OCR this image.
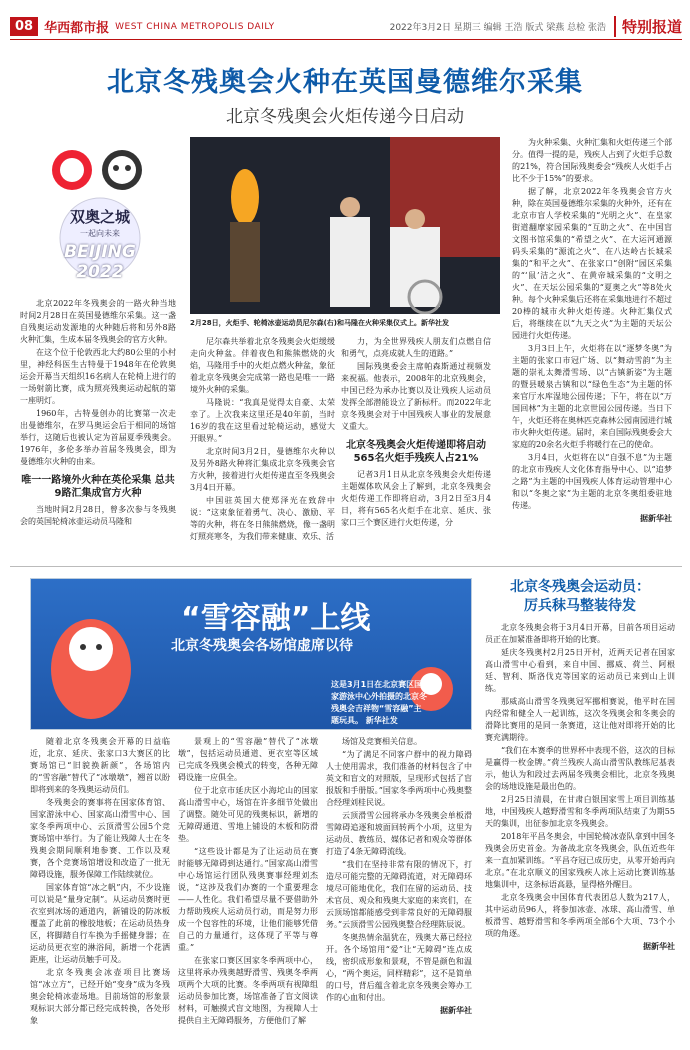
08 华西都市报 WEST CHINA METROPOLIS DAILY	2022年3月2日 星期三 编辑 王浩 版式 梁燕 总检 张浩	特别报道
北京冬残奥会火种在英国曼德维尔采集
北京冬残奥会火炬传递今日启动
双奥之城
一起向未来
BEIJING 2022
2月28日，火炬手、轮椅冰壶运动员尼尔森(右)和马隆在火种采集仪式上。新华社发

北京2022年冬残奥会的一路火种当地时间2月28日在英国曼德维尔采集。这一盏自残奥运动发源地的火种随后将和另外8路火种汇集，生成本届冬残奥会的官方火种。

在这个位于伦敦西北大约80公里的小村里，神经科医生古特曼于1948年在伦敦奥运会开幕当天组织16名病人在轮椅上进行的一场射箭比赛，成为照亮残奥运动起航的第一座明灯。

1960年，古特曼创办的比赛第一次走出曼德维尔，在罗马奥运会后于相同的场馆举行，这随后也被认定为首届夏季残奥会。1976年，多伦多举办首届冬残奥会，即为曼德维尔火种的由来。

唯一一路境外火种在英伦采集 总共9路汇集成官方火种

当地时间2月28日，曾多次参与冬残奥会的英国轮椅冰壶运动员马隆和

尼尔森共举着北京冬残奥会火炬缓缓走向火种盆。伴着夜色和熊熊燃烧的火焰，马隆用手中的火炬点燃火种盆，象征着北京冬残奥会完成第一路也是唯一一路境外火种的采集。

马隆说：“我真是觉得太自豪、太荣幸了。上次我来这里还是40年前，当时16岁的我在这里看过轮椅运动，感觉大开眼界。”

北京时间3月2日，曼德维尔火种以及另外8路火种将汇集成北京冬残奥会官方火种，接着进行火炬传递直至冬残奥会3月4日开幕。

中国驻英国大使郑泽光在致辞中说：“这束象征着勇气、决心、激励、平等的火种，将在冬日熊熊燃烧，像一盏明灯照亮寒冬，为我们带来健康、欢乐、活

力，为全世界残疾人朋友们点燃自信和勇气，点亮成就人生的道路。”

国际残奥委会主席帕森斯通过视频发来祝福。他表示，2008年的北京残奥会，中国已经为承办比赛以及让残疾人运动员发挥全部潜能设立了新标杆。而2022年北京冬残奥会对于中国残疾人事业的发展意义重大。

北京冬残奥会火炬传递即将启动 565名火炬手残疾人占21%

记者3月1日从北京冬残奥会火炬传递主题媒体吹风会上了解到，北京冬残奥会火炬传递工作即将启动，3月2日至3月4日，将有565名火炬手在北京、延庆、张家口三个赛区进行火炬传递，分

为火种采集、火种汇集和火炬传递三个部分。值得一提的是，残疾人占到了火炬手总数的21%，符合国际残奥委会“残疾人火炬手占比不少于15%”的要求。

据了解，北京2022年冬残奥会官方火种，除在英国曼德维尔采集的火种外，还有在北京市盲人学校采集的“光明之火”、在皇家街道翻摩家园采集的“互助之火”、在中国盲文图书馆采集的“希望之火”、在大运河通源码头采集的“源流之火”、在八达岭古长城采集的“和平之火”、在张家口“创附”园区采集的“‘鼠’洁之火”、在黄帝城采集的“文明之火”、在天坛公园采集的“夏奥之火”等8处火种。每个火种采集后还将在采集地进行不超过20棒的城市火种火炬传递。火种汇集仪式后，将继续在以“九天之火”为主题的天坛公园进行火炬传递。

3月3日上午，火炬将在以“逐梦冬奥”为主题的张家口市冠广场、以“舞动雪韵”为主题的崇礼太舞滑雪场、以“古镇新姿”为主题的暨县暖泉古镇和以“绿色生态”为主题的怀来官厅水库湿地公园传递；下午，将在以“万国回林”为主题的北京世园公园传递。当日下午，火炬还将在奥林匹克森林公园南园进行城市火种火炬传递。届时，来自国际残奥委会大家庭的20余名火炬手将暖行在己的使命。

3月4日，火炬将在以“自强不息”为主题的北京市残疾人文化体育指导中心、以“追梦之路”为主题的中国残疾人体育运动管理中心和以“冬奥之家”为主题的北京冬奥组委驻地传递。

据新华社
“雪容融”上线
北京冬残奥会各场馆虚席以待
这是3月1日在北京赛区国家游泳中心外拍摄的北京冬残奥会吉祥物“雪容融”主题玩具。 新华社发

随着北京冬残奥会开幕的日益临近，北京、延庆、张家口3大赛区的比赛场馆已“旧貌换新颜”，各场馆内的“雪容融”替代了“冰墩墩”，翘首以盼即将到来的冬残奥运动员们。

冬残奥会的赛事将在国家体育馆、国家游泳中心、国家高山滑雪中心、国家冬季两项中心、云顶滑雪公园5个竞赛场馆中举行。为了能让残障人士在冬残奥会期间顺利地参赛、工作以及观赛，各个竞赛场馆增设和改造了一批无障碍设施，服务保障工作陆续就位。

国家体育馆“冰之帆”内，不少设施可以说是“量身定制”。从运动员赛时更衣室到冰场的通道内，新铺设的防冰板覆盖了此前的橡胶地板；在运动员热身区，将脚踏自行车换为手摇健身器；在运动员更衣室的淋浴间，新增一个花洒距座，让运动员触手可及。

北京冬残奥会冰壶项目比赛场馆“冰立方”，已经开始“变身”成为冬残奥会轮椅冰壶场地。目前场馆的形象景观标识大部分都已经完成转换，各处形象

景观上的“雪容融”替代了“冰墩墩”，包括运动员通道、更衣室等区域已完成冬残奥会模式的转变，各种无障碍设施一应俱全。

位于北京市延庆区小海坨山的国家高山滑雪中心，场馆在许多细节处做出了调整。随处可见的残奥标识，新增的无障碍通道、雪地上铺设的木板和防滑垫。

“这些设计都是为了让运动员在赛时能够无障碍到达通行。”国家高山滑雪中心场馆运行团队残奥赛事经理刘杰说，“这涉及我们办赛的一个重要理念——人性化。我们希望尽量不要借助外力帮助残疾人运动员行动，而是努力形成一个包容性的环境，让他们能够凭借自己的力量通行，这体现了平等与尊重。”

在张家口赛区国家冬季两项中心，这里将承办残奥越野滑雪、残奥冬季两项两个大项的比赛。冬季两项有视障组运动员参加比赛，场馆准备了盲文阅读材料，可触摸式盲文地图，为视障人士提供自主无障碍服务，方便他们了解

场馆及竞赛相关信息。

“为了满足不同客户群中的视力障碍人士使用需求，我们准备的材料包含了中英文和盲文的对照版，呈现形式包括了盲报版和手册版。”国家冬季两项中心残奥整合经理刘桂民说。

云顶滑雪公园将承办冬残奥会单板滑雪障碍追逐和坡面回转两个小项，这里为运动员、教练员、媒体记者和观众等群体打造了4条无障碍流线。

“我们在坚持非常有限的情况下，打造尽可能完整的无障碍流道，对无障碍环境尽可能地优化，我们在留的运动员、技术官员、观众和残奥大家庭的来宾们，在云顶场馆都能感受到非常良好的无障碍服务。”云顶滑雪公园残奥整合经理陈辰说。

冬奥热情余温犹在，残奥大幕已经拉开。各个场馆用“爱”让“无障碍”连点成线，密织成形象和景观，不管是颜色和温心，“两个奥运，同样精彩”，这不是简单的口号，背后蕴含着北京冬残奥会筹办工作的心血和付出。

据新华社
北京冬残奥会运动员：
厉兵秣马整装待发

北京冬残奥会将于3月4日开幕，目前各项目运动员正在加紧准备即将开始的比赛。

延庆冬残奥村2月25日开村，近两天记者在国家高山滑雪中心看到，来自中国、挪威、荷兰、阿根廷、智利、斯洛伐克等国家的运动员已来到山上训练。

那威高山滑雪冬残奥冠军挪相赛说，他平时在国内经常和健全人一起训练，这次冬残奥会和冬奥会的滑降比赛用的是同一条赛道，这让他对即将开始的比赛充满期待。

“我们在本赛季的世界杯中表现不俗，这次的目标是赢得一枚金牌。”荷兰残疾人高山滑雪队教练尼基表示，他认为和段过去两届冬残奥会相比，北京冬残奥会的场地设施是最出色的。

2月25日清晨，在甘肃白银国家雪上项目训练基地，中国残疾人越野滑雪和冬季两项队结束了为期55天的集训，出征参加北京冬残奥会。

2018年平昌冬奥会，中国轮椅冰壶队拿到中国冬残奥会历史首金。为备战北京冬残奥会，队伍近些年来一直加紧训练。“平昌夺冠已成历史，从零开始再向北京。”在北京顺义的国家残疾人冰上运动比赛训练基地集训中，这条标语高悬，显得格外醒目。

北京冬残奥会中国体育代表团总人数为217人，其中运动员96人，将参加冰壶、冰球、高山滑雪、单板滑雪、越野滑雪和冬季两项全部6个大项、73个小项的角逐。

据新华社
